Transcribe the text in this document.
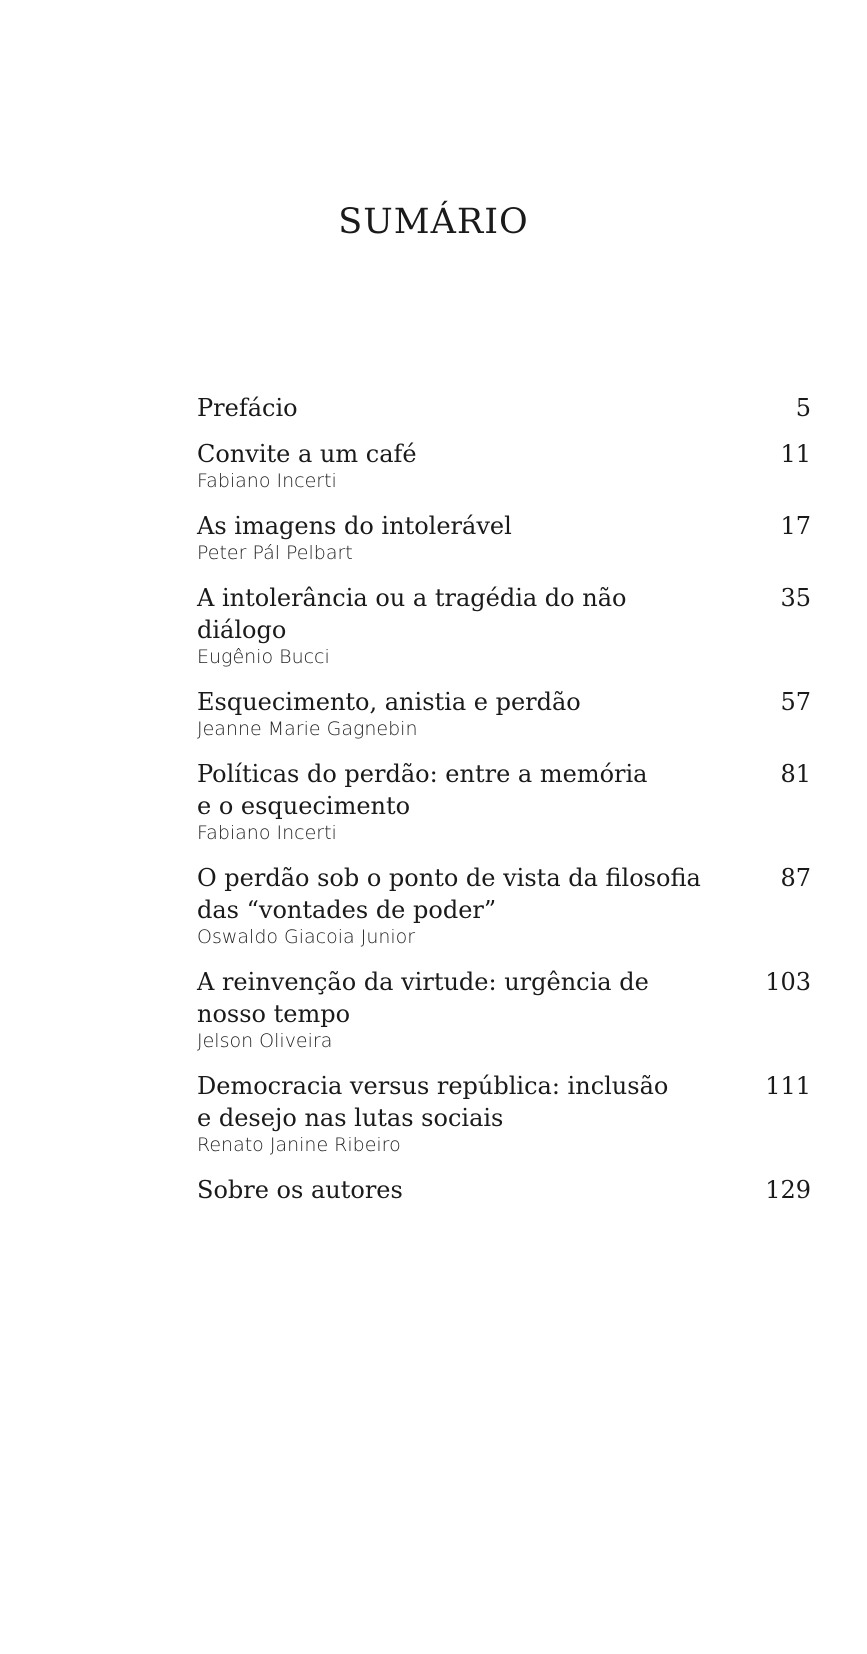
SUMÁRIO
Prefácio	5
Convite a um café
Fabiano Incerti
11
As imagens do intolerável
Peter Pál Pelbart
17
A intolerância ou a tragédia do não diálogo
Eugênio Bucci
35
Esquecimento, anistia e perdão
Jeanne Marie Gagnebin
57
Políticas do perdão: entre a memória
e o esquecimento
Fabiano Incerti
81
O perdão sob o ponto de vista da filosofia
das “vontades de poder”
Oswaldo Giacoia Junior
87
A reinvenção da virtude: urgência de
nosso tempo
Jelson Oliveira
103
Democracia versus república: inclusão
e desejo nas lutas sociais
Renato Janine Ribeiro
111
Sobre os autores	129
